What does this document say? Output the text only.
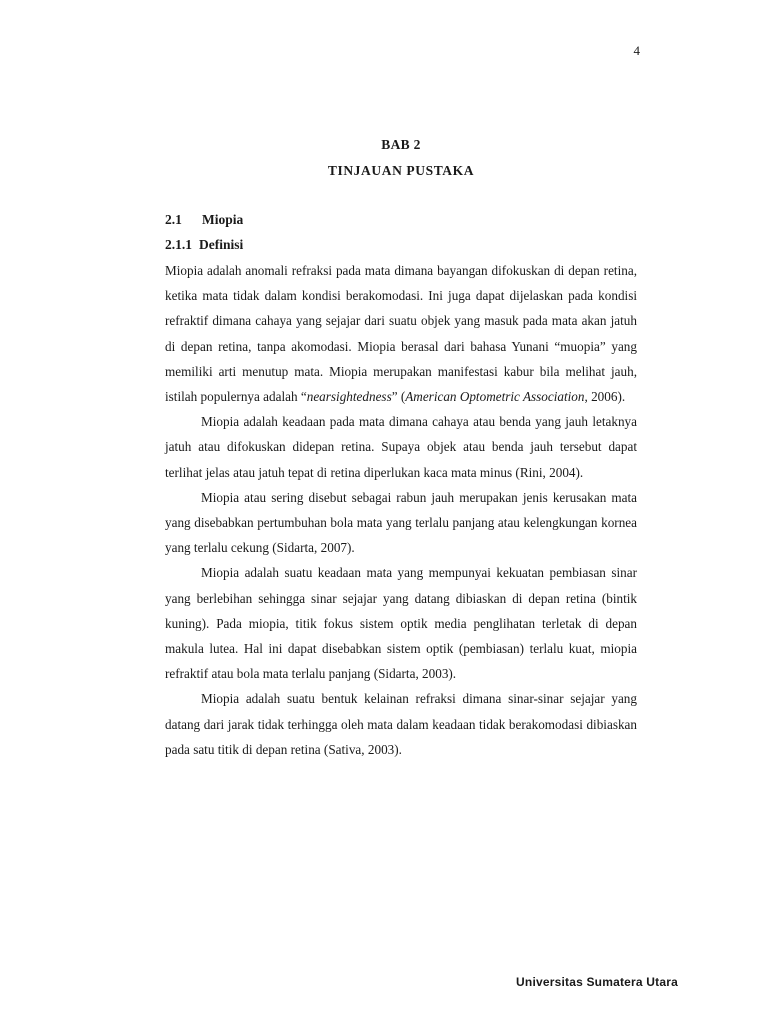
4
BAB 2
TINJAUAN PUSTAKA
2.1 Miopia
2.1.1 Definisi

Miopia adalah anomali refraksi pada mata dimana bayangan difokuskan di depan retina, ketika mata tidak dalam kondisi berakomodasi. Ini juga dapat dijelaskan pada kondisi refraktif dimana cahaya yang sejajar dari suatu objek yang masuk pada mata akan jatuh di depan retina, tanpa akomodasi. Miopia berasal dari bahasa Yunani “muopia” yang memiliki arti menutup mata. Miopia merupakan manifestasi kabur bila melihat jauh, istilah populernya adalah “nearsightedness” (American Optometric Association, 2006).

Miopia adalah keadaan pada mata dimana cahaya atau benda yang jauh letaknya jatuh atau difokuskan didepan retina. Supaya objek atau benda jauh tersebut dapat terlihat jelas atau jatuh tepat di retina diperlukan kaca mata minus (Rini, 2004).

Miopia atau sering disebut sebagai rabun jauh merupakan jenis kerusakan mata yang disebabkan pertumbuhan bola mata yang terlalu panjang atau kelengkungan kornea yang terlalu cekung (Sidarta, 2007).

Miopia adalah suatu keadaan mata yang mempunyai kekuatan pembiasan sinar yang berlebihan sehingga sinar sejajar yang datang dibiaskan di depan retina (bintik kuning). Pada miopia, titik fokus sistem optik media penglihatan terletak di depan makula lutea. Hal ini dapat disebabkan sistem optik (pembiasan) terlalu kuat, miopia refraktif atau bola mata terlalu panjang (Sidarta, 2003).

Miopia adalah suatu bentuk kelainan refraksi dimana sinar-sinar sejajar yang datang dari jarak tidak terhingga oleh mata dalam keadaan tidak berakomodasi dibiaskan pada satu titik di depan retina (Sativa, 2003).

Universitas Sumatera Utara
